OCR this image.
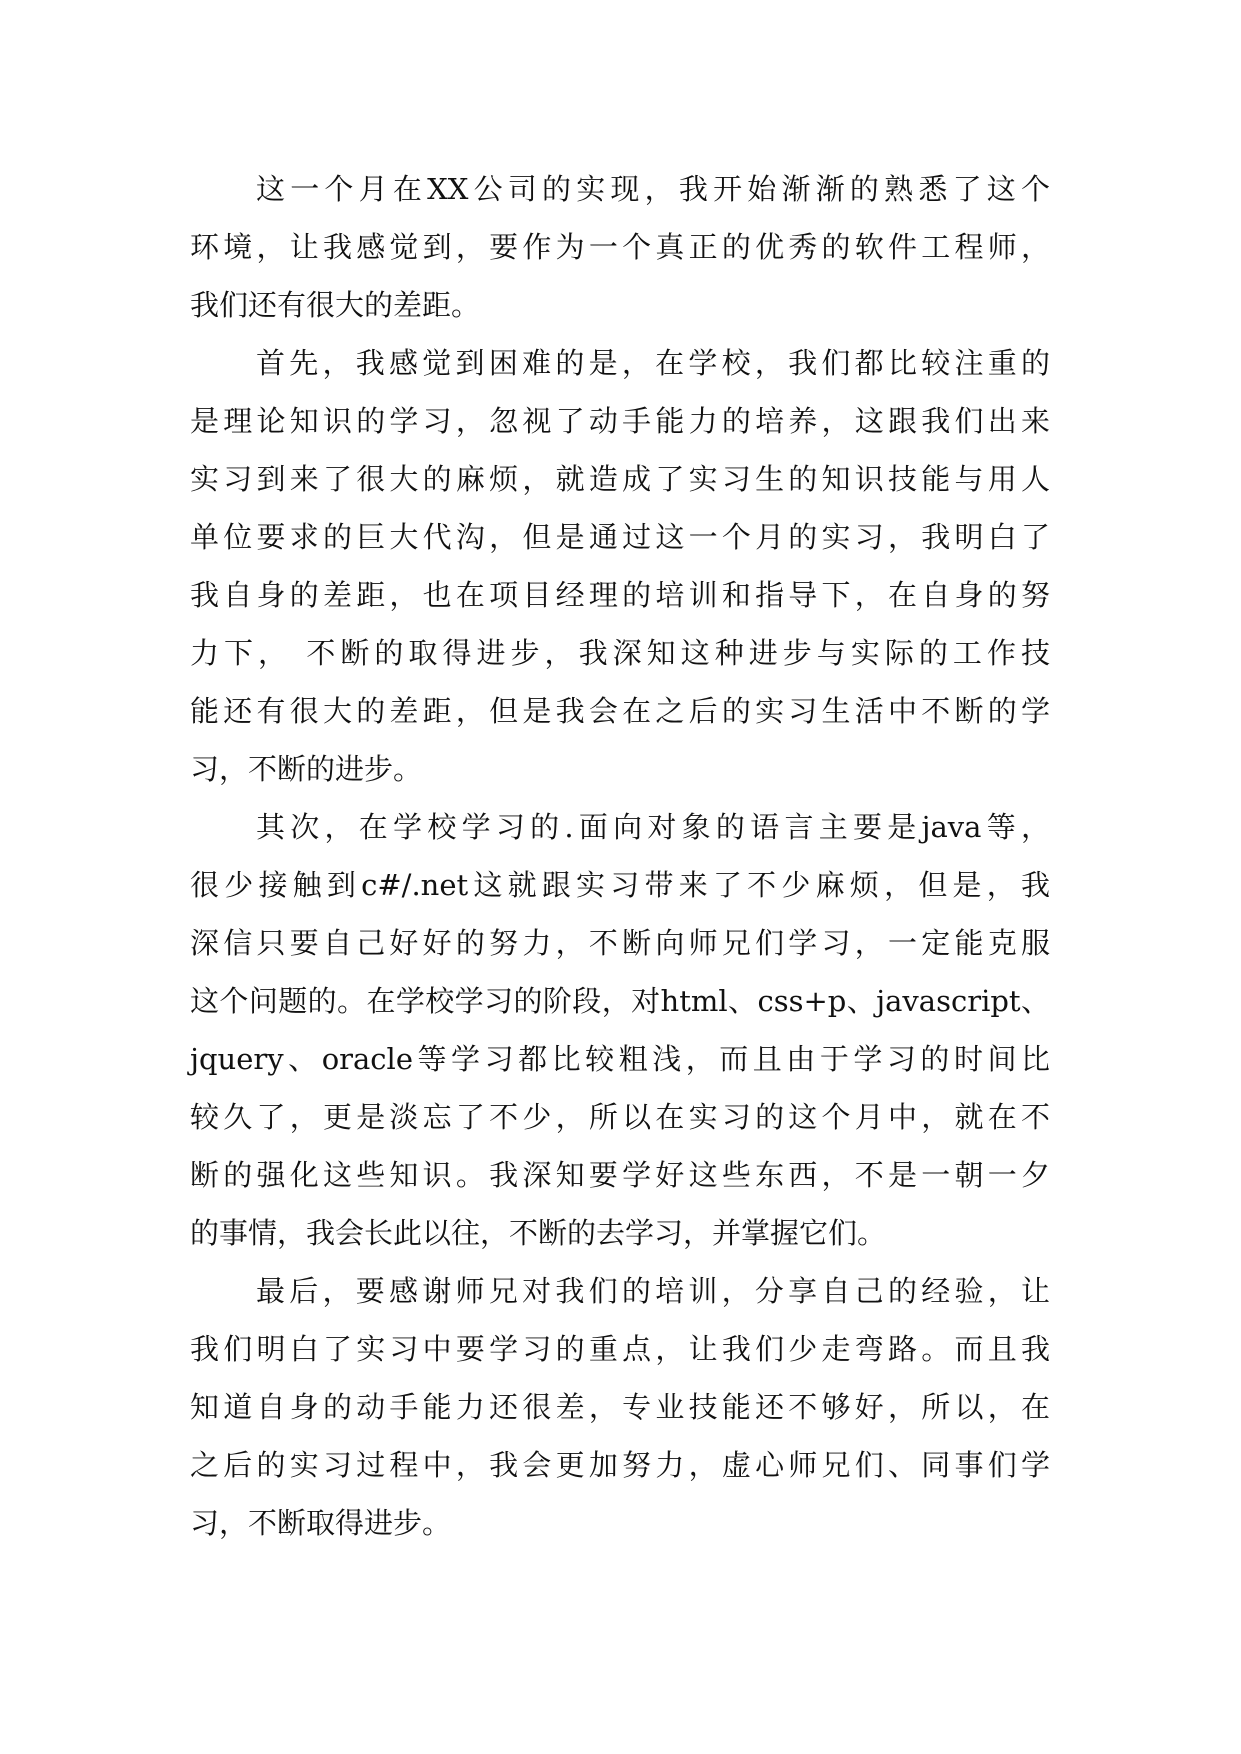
这一个月在XX公司的实现，我开始渐渐的熟悉了这个
环境，让我感觉到，要作为一个真正的优秀的软件工程师，
我们还有很大的差距。
首先，我感觉到困难的是，在学校，我们都比较注重的
是理论知识的学习，忽视了动手能力的培养，这跟我们出来
实习到来了很大的麻烦，就造成了实习生的知识技能与用人
单位要求的巨大代沟，但是通过这一个月的实习，我明白了
我自身的差距，也在项目经理的培训和指导下，在自身的努
力下， 不断的取得进步，我深知这种进步与实际的工作技
能还有很大的差距，但是我会在之后的实习生活中不断的学
习，不断的进步。
其次，在学校学习的.面向对象的语言主要是java等，
很少接触到c#/.net这就跟实习带来了不少麻烦，但是，我
深信只要自己好好的努力，不断向师兄们学习，一定能克服
这个问题的。在学校学习的阶段，对html、css+p、javascript、
jquery、oracle等学习都比较粗浅，而且由于学习的时间比
较久了，更是淡忘了不少，所以在实习的这个月中，就在不
断的强化这些知识。我深知要学好这些东西，不是一朝一夕
的事情，我会长此以往，不断的去学习，并掌握它们。
最后，要感谢师兄对我们的培训，分享自己的经验，让
我们明白了实习中要学习的重点，让我们少走弯路。而且我
知道自身的动手能力还很差，专业技能还不够好，所以，在
之后的实习过程中，我会更加努力，虚心师兄们、同事们学
习，不断取得进步。
